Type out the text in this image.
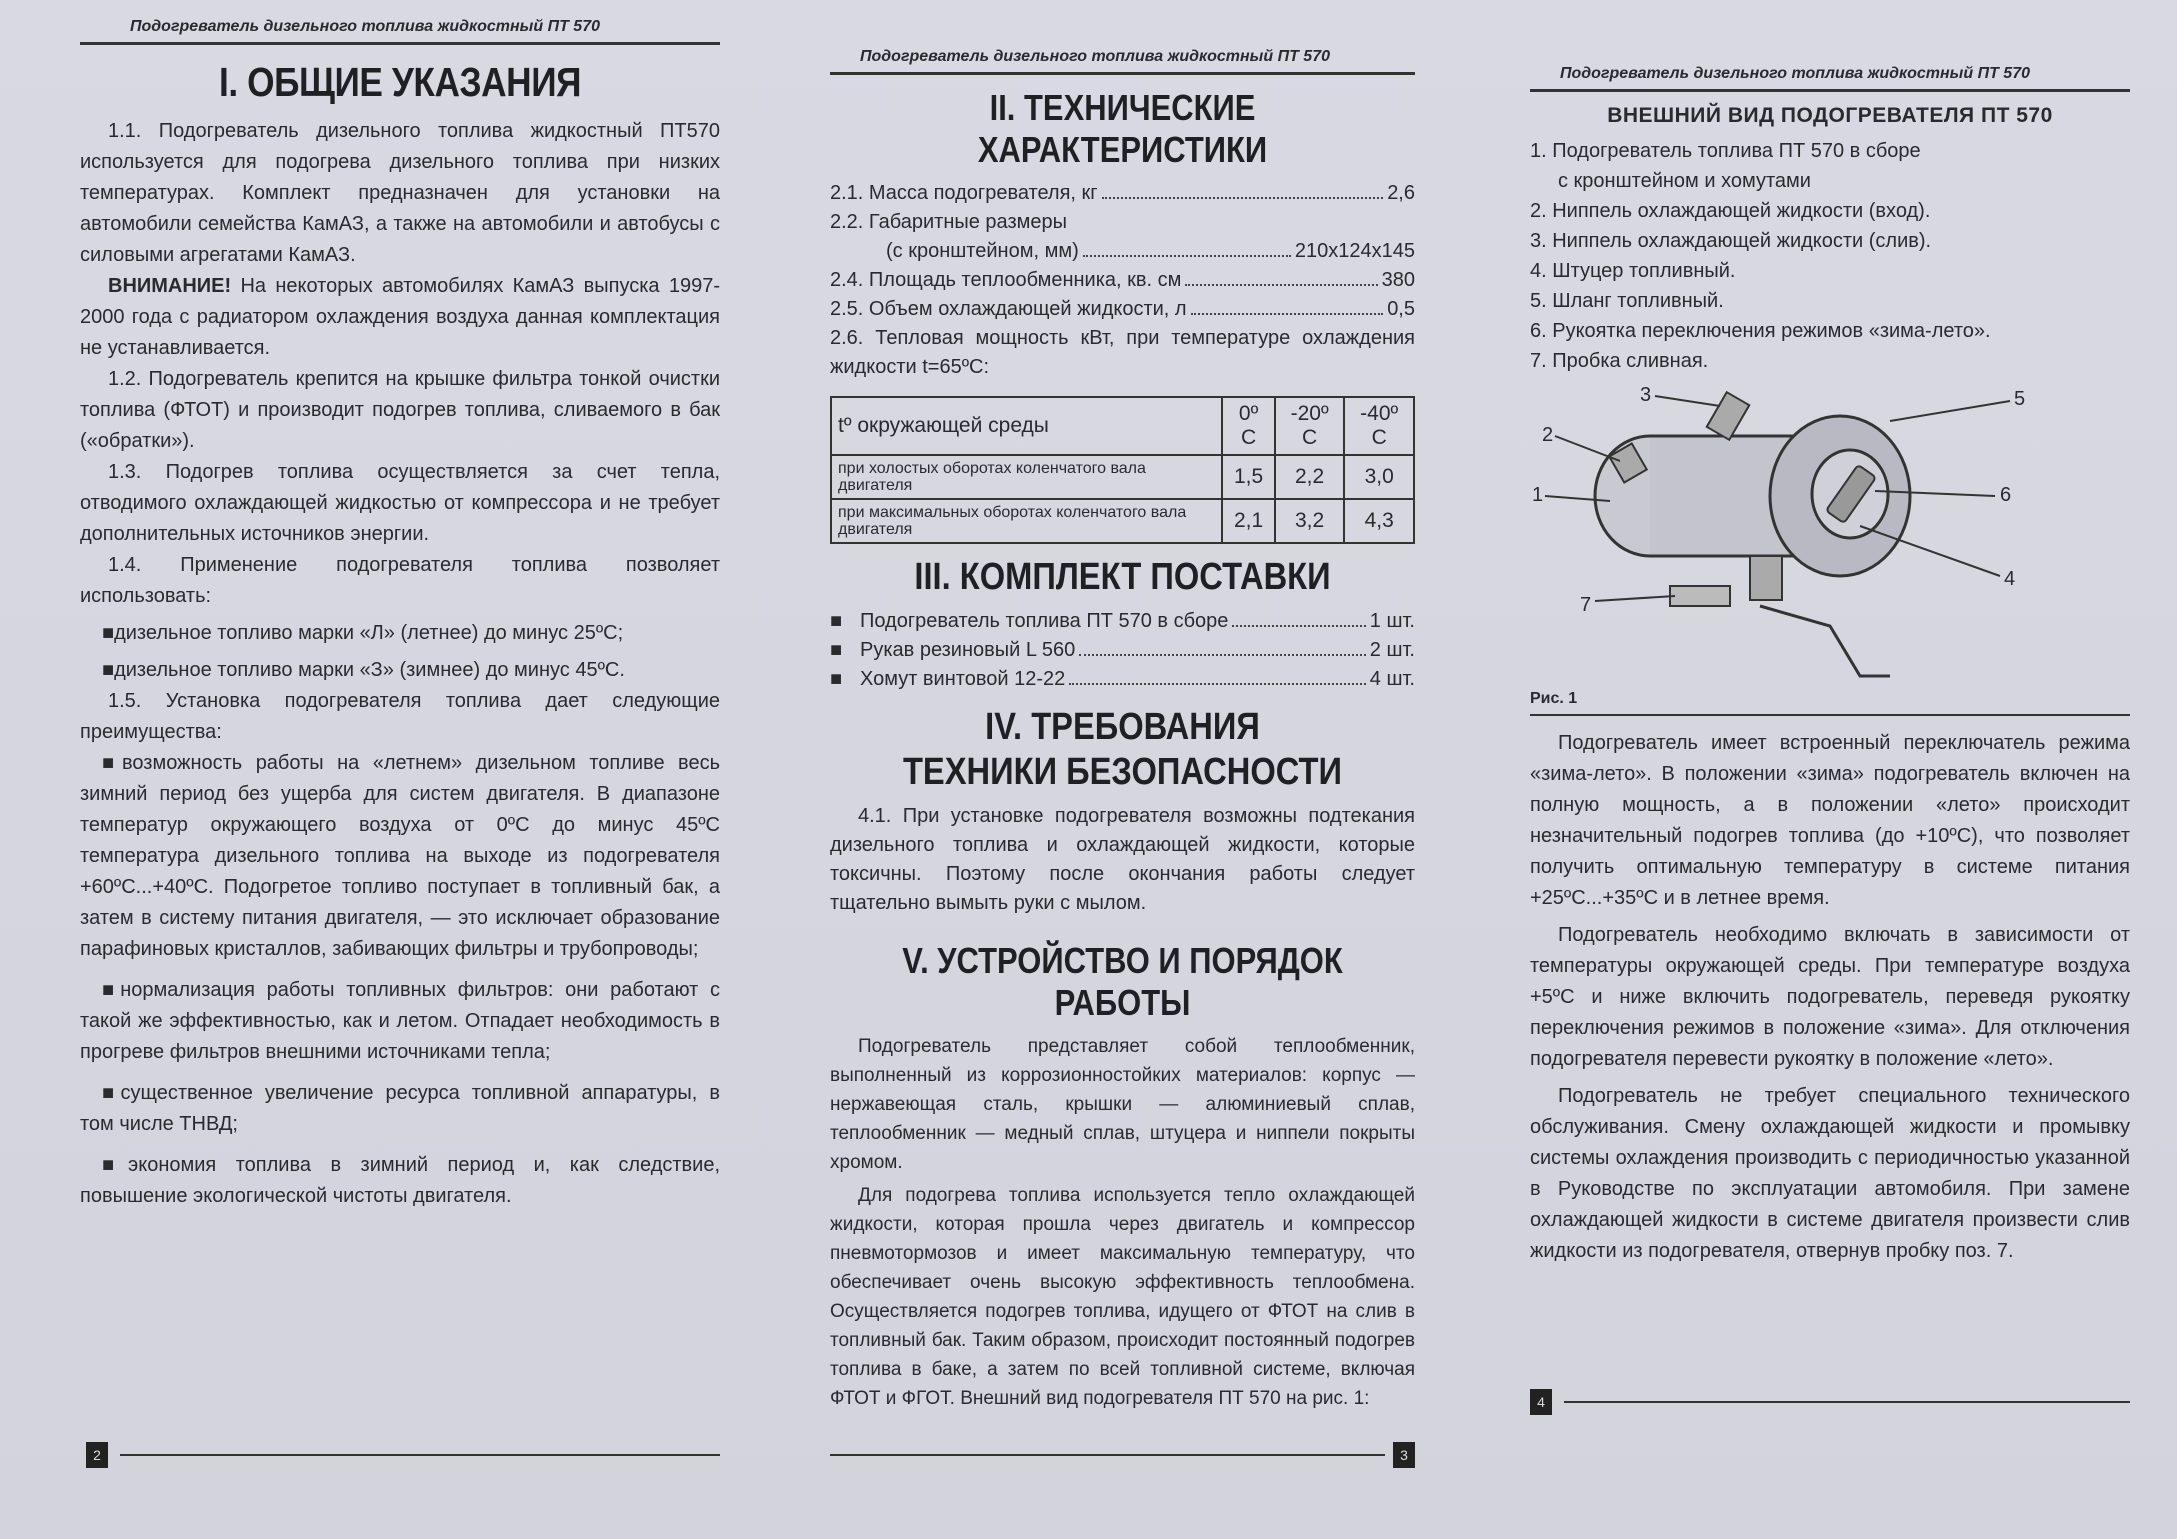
Подогреватель дизельного топлива жидкостный ПТ 570
I. ОБЩИЕ УКАЗАНИЯ

1.1. Подогреватель дизельного топлива жидкостный ПТ570 используется для подогрева дизельного топлива при низких температурах. Комплект предназначен для установки на автомобили семейства КамАЗ, а также на автомобили и автобусы с силовыми агрегатами КамАЗ.

ВНИМАНИЕ! На некоторых автомобилях КамАЗ выпуска 1997-2000 года с радиатором охлаждения воздуха данная комплектация не устанавливается.

1.2. Подогреватель крепится на крышке фильтра тонкой очистки топлива (ФТОТ) и производит подогрев топлива, сливаемого в бак («обратки»).

1.3. Подогрев топлива осуществляется за счет тепла, отводимого охлаждающей жидкостью от компрессора и не требует дополнительных источников энергии.

1.4. Применение подогревателя топлива позволяет использовать:

■ дизельное топливо марки «Л» (летнее) до минус 25ºС;

■ дизельное топливо марки «З» (зимнее) до минус 45ºС.

1.5. Установка подогревателя топлива дает следующие преимущества:

■ возможность работы на «летнем» дизельном топливе весь зимний период без ущерба для систем двигателя. В диапазоне температур окружающего воздуха от 0ºС до минус 45ºС температура дизельного топлива на выходе из подогревателя +60ºС...+40ºС. Подогретое топливо поступает в топливный бак, а затем в систему питания двигателя, — это исключает образование парафиновых кристаллов, забивающих фильтры и трубопроводы;

■ нормализация работы топливных фильтров: они работают с такой же эффективностью, как и летом. Отпадает необходимость в прогреве фильтров внешними источниками тепла;

■ существенное увеличение ресурса топливной аппаратуры, в том числе ТНВД;

■ экономия топлива в зимний период и, как следствие, повышение экологической чистоты двигателя.

2
Подогреватель дизельного топлива жидкостный ПТ 570
II. ТЕХНИЧЕСКИЕ ХАРАКТЕРИСТИКИ
2.1. Масса подогревателя, кг	2,6
2.2. Габаритные размеры
(с кронштейном, мм)	210х124х145
2.4. Площадь теплообменника, кв. см	380
2.5. Объем охлаждающей жидкости, л	0,5

2.6. Тепловая мощность кВт, при температуре охлаждения жидкости t=65ºС:

tº окружающей среды	0º С	-20º С	-40º С
при холостых оборотах коленчатого вала двигателя	1,5	2,2	3,0
при максимальных оборотах коленчатого вала двигателя	2,1	3,2	4,3
III. КОМПЛЕКТ ПОСТАВКИ
■ Подогреватель топлива ПТ 570 в сборе	1 шт.
■ Рукав резиновый L 560	2 шт.
■ Хомут винтовой 12-22	4 шт.
IV. ТРЕБОВАНИЯ
ТЕХНИКИ БЕЗОПАСНОСТИ

4.1. При установке подогревателя возможны подтекания дизельного топлива и охлаждающей жидкости, которые токсичны. Поэтому после окончания работы следует тщательно вымыть руки с мылом.

V. УСТРОЙСТВО И ПОРЯДОК РАБОТЫ

Подогреватель представляет собой теплообменник, выполненный из коррозионностойких материалов: корпус — нержавеющая сталь, крышки — алюминиевый сплав, теплообменник — медный сплав, штуцера и ниппели покрыты хромом.

Для подогрева топлива используется тепло охлаждающей жидкости, которая прошла через двигатель и компрессор пневмотормозов и имеет максимальную температуру, что обеспечивает очень высокую эффективность теплообмена. Осуществляется подогрев топлива, идущего от ФТОТ на слив в топливный бак. Таким образом, происходит постоянный подогрев топлива в баке, а затем по всей топливной системе, включая ФТОТ и ФГОТ. Внешний вид подогревателя ПТ 570 на рис. 1:

3
Подогреватель дизельного топлива жидкостный ПТ 570
ВНЕШНИЙ ВИД ПОДОГРЕВАТЕЛЯ ПТ 570
1. Подогреватель топлива ПТ 570 в сборе
с кронштейном и хомутами
2. Ниппель охлаждающей жидкости (вход).
3. Ниппель охлаждающей жидкости (слив).
4. Штуцер топливный.
5. Шланг топливный.
6. Рукоятка переключения режимов «зима-лето».
7. Пробка сливная.
1
2
3
4
5
6
7
Рис. 1

Подогреватель имеет встроенный переключатель режима «зима-лето». В положении «зима» подогреватель включен на полную мощность, а в положении «лето» происходит незначительный подогрев топлива (до +10ºС), что позволяет получить оптимальную температуру в системе питания +25ºС...+35ºС и в летнее время.

Подогреватель необходимо включать в зависимости от температуры окружающей среды. При температуре воздуха +5ºС и ниже включить подогреватель, переведя рукоятку переключения режимов в положение «зима». Для отключения подогревателя перевести рукоятку в положение «лето».

Подогреватель не требует специального технического обслуживания. Смену охлаждающей жидкости и промывку системы охлаждения производить с периодичностью указанной в Руководстве по эксплуатации автомобиля. При замене охлаждающей жидкости в системе двигателя произвести слив жидкости из подогревателя, отвернув пробку поз. 7.

4
